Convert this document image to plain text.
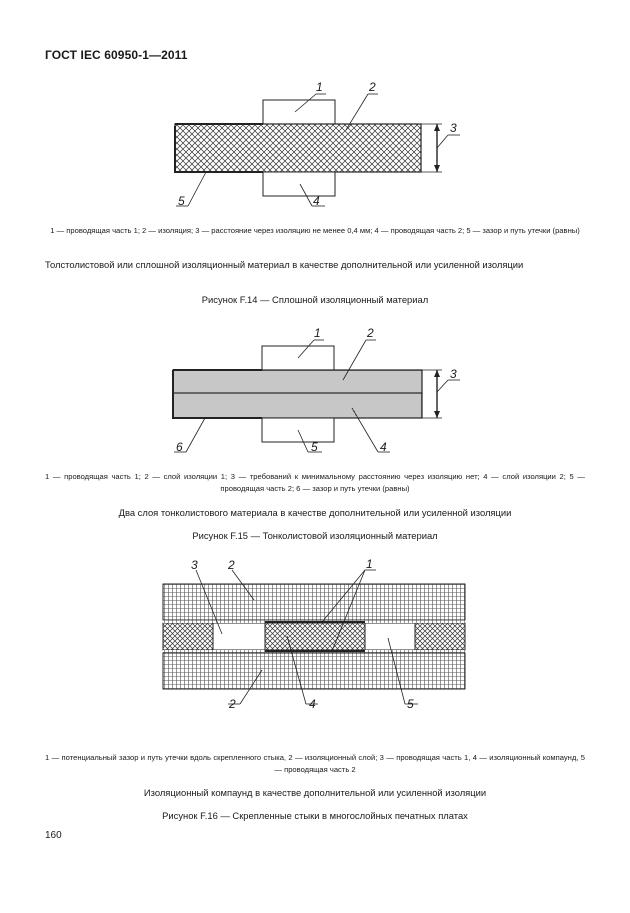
ГОСТ IEC 60950-1—2011
3
1	2
4
5
1 — проводящая часть 1; 2 — изоляция; 3 — расстояние через изоляцию не менее 0,4 мм; 4 — проводящая часть 2; 5 — зазор и путь утечки (равны)
Толстолистовой или сплошной изоляционный материал в качестве дополнительной или усиленной изоляции
Рисунок F.14 — Сплошной изоляционный материал
3
1	2
5	4
6
1 — проводящая часть 1; 2 — слой изоляции 1; 3 — требований к минимальному расстоянию через изоляцию нет; 4 — слой изоляции 2; 5 — проводящая часть 2; 6 — зазор и путь утечки (равны)
Два слоя тонколистового материала в качестве дополнительной или усиленной изоляции
Рисунок F.15 — Тонколистовой изоляционный материал
3	2	1
2	4	5
1 — потенциальный зазор и путь утечки вдоль скрепленного стыка, 2 — изоляционный слой; 3 — проводящая часть 1, 4 — изоляционный компаунд, 5 — проводящая часть 2
Изоляционный компаунд в качестве дополнительной или усиленной изоляции
Рисунок F.16 — Скрепленные стыки в многослойных печатных платах
160
